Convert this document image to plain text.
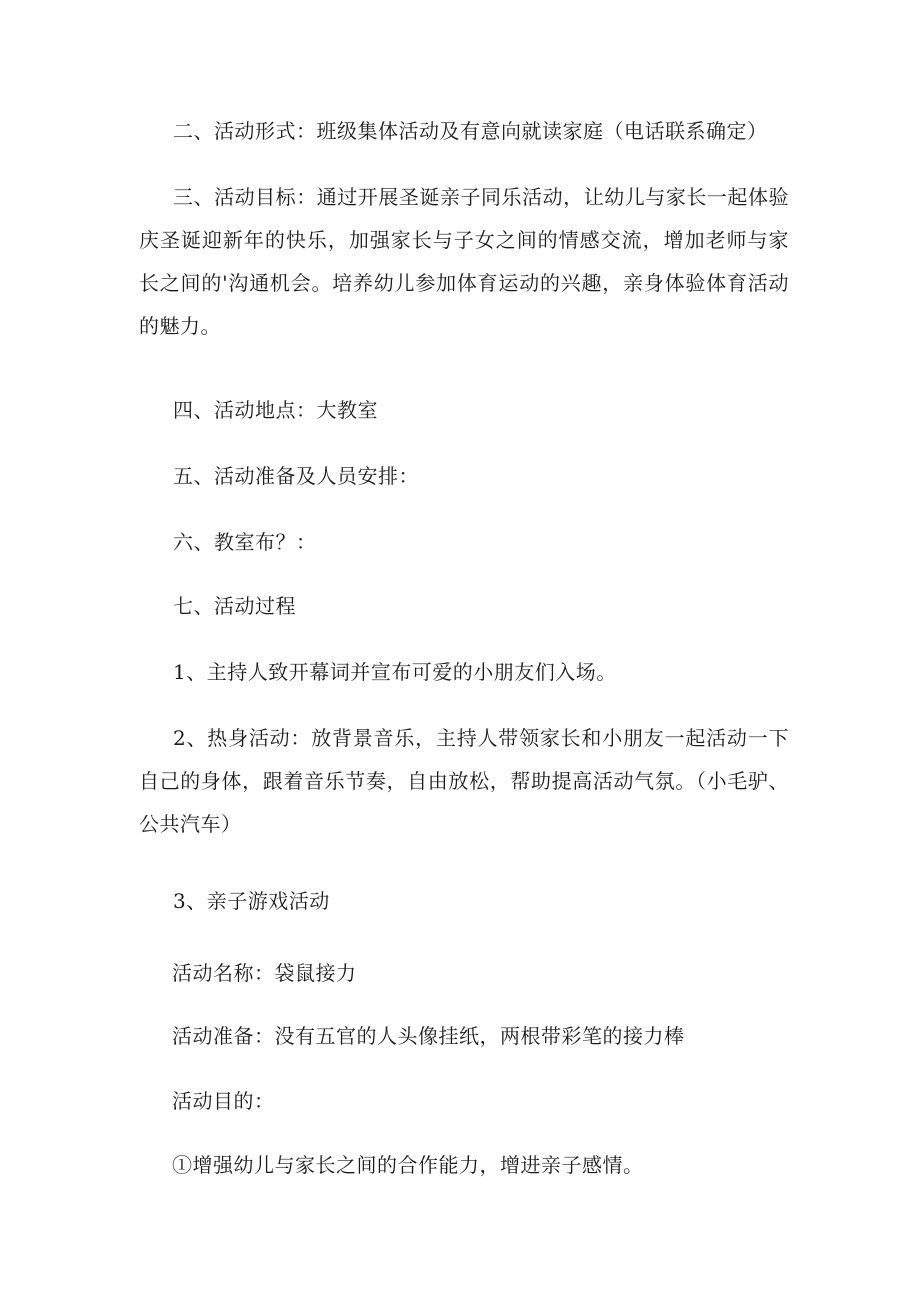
二、活动形式：班级集体活动及有意向就读家庭（电话联系确定）

三、活动目标：通过开展圣诞亲子同乐活动，让幼儿与家长一起体验庆圣诞迎新年的快乐，加强家长与子女之间的情感交流，增加老师与家长之间的'沟通机会。培养幼儿参加体育运动的兴趣，亲身体验体育活动的魅力。

四、活动地点：大教室

五、活动准备及人员安排：

六、教室布？：

七、活动过程

1、主持人致开幕词并宣布可爱的小朋友们入场。

2、热身活动：放背景音乐，主持人带领家长和小朋友一起活动一下自己的身体，跟着音乐节奏，自由放松，帮助提高活动气氛。（小毛驴、公共汽车）

3、亲子游戏活动

活动名称：袋鼠接力

活动准备：没有五官的人头像挂纸，两根带彩笔的接力棒

活动目的：

①增强幼儿与家长之间的合作能力，增进亲子感情。
